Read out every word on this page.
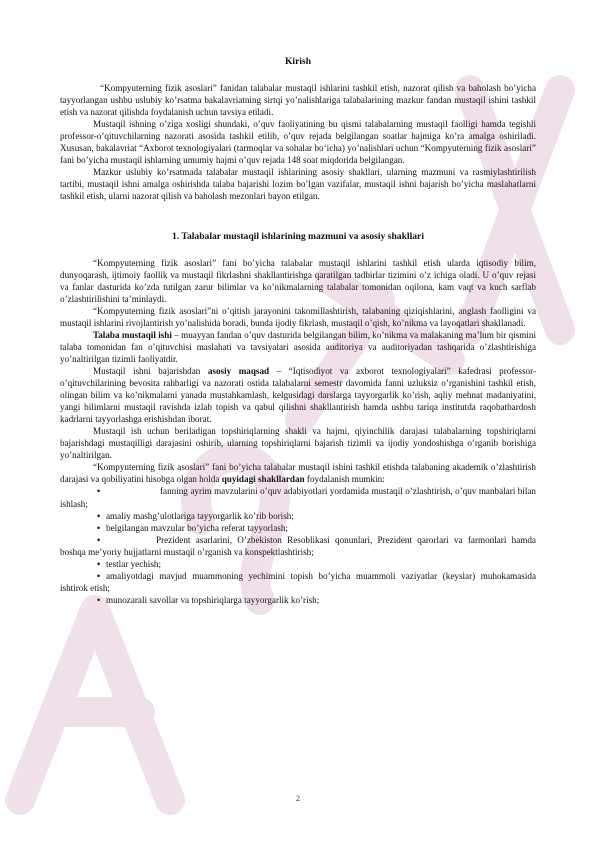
Kirish

“Kompyuterning fizik asoslari” fanidan talabalar mustaqil ishlarini tashkil etish, nazorat qilish va baholash bo’yicha tayyorlangan ushbu uslubiy ko’rsatma bakalavriatning sirtqi yo’nalishlariga talabalarining mazkur fandan mustaqil ishini tashkil etish va nazorat qilishda foydalanish uchun tavsiya etiladi.

Mustaqil ishning o’ziga xosligi shundaki, o’quv faoliyatining bu qismi talabalarning mustaqil faolligi hamda tegishli professor-o’qituvchilarning nazorati asosida tashkil etilib, o’quv rejada belgilangan soatlar hajmiga ko’ra amalga oshiriladi. Xususan, bakalavriat “Axborot texnologiyalari (tarmoqlar va sohalar bo‘icha) yo’nalishlari uchun “Kompyuterning fizik asoslari” fani bo’yicha mustaqil ishlarning umumiy hajmi o’quv rejada 148 soat miqdorida belgilangan.

Mazkur uslubiy ko’rsatmada talabalar mustaqil ishlarining asosiy shakllari, ularning mazmuni va rasmiylashtirilish tartibi, mustaqil ishni amalga oshirishda talaba bajarishi lozim bo’lgan vazifalar, mustaqil ishni bajarish bo’yicha maslahatlarni tashkil etish, ularni nazorat qilish va baholash mezonlari bayon etilgan.

1. Talabalar mustaqil ishlarining mazmuni va asosiy shakllari

“Kompyuterning fizik asoslari” fani bo’yicha talabalar mustaqil ishlarini tashkil etish ularda iqtisodiy bilim, dunyoqarash, ijtimoiy faollik va mustaqil fikrlashni shakllantirishga qaratilgan tadbirlar tizimini o’z ichiga oladi. U o’quv rejasi va fanlar dasturida ko’zda tutilgan zarur bilimlar va ko’nikmalarning talabalar tomonidan oqilona, kam vaqt va kuch sarflab o’zlashtirilishini ta’minlaydi.

“Kompyuterning fizik asoslari”ni o’qitish jarayonini takomillashtirish, talabaning qiziqishlarini, anglash faolligini va mustaqil ishlarini rivojlantirish yo’nalishida boradi, bunda ijodiy fikrlash, mustaqil o’qish, ko’nikma va layoqatlari shakllanadi.

Talaba mustaqil ishi – muayyan fandan o’quv dasturida belgilangan bilim, ko’nikma va malakaning ma’lum bir qismini talaba tomonidan fan o’qituvchisi maslahati va tavsiyalari asosida auditoriya va auditoriyadan tashqarida o’zlashtirishiga yo’naltirilgan tizimli faoliyatdir.

Mustaqil ishni bajarishdan asosiy maqsad – “Iqtisodiyot va axborot texnologiyalari” kafedrasi professor-o’qituvchilarining bevosita rahbarligi va nazorati ostida talabalarni semestr davomida fanni uzluksiz o’rganishini tashkil etish, olingan bilim va ko’nikmalarni yanada mustahkamlash, kelgusidagi darslarga tayyorgarlik ko’rish, aqliy mehnat madaniyatini, yangi bilimlarni mustaqil ravishda izlab topish va qabul qilishni shakllantirish hamda ushbu tariqa institutda raqobatbardosh kadrlarni tayyorlashga erishishdan iborat.

Mustaqil ish uchun beriladigan topshiriqlarning shakli va hajmi, qiyinchilik darajasi talabalarning topshiriqlarni bajarishdagi mustaqilligi darajasini oshirib, ularning topshiriqlarni bajarish tizimli va ijodiy yondoshishga o’rganib borishiga yo’naltirilgan.

“Kompyuterning fizik asoslari” fani bo’yicha talabalar mustaqil ishini tashkil etishda talabaning akademik o’zlashtirish darajasi va qobiliyatini hisobga olgan holda quyidagi shakllardan foydalanish mumkin:

•	fanning ayrim mavzularini o’quv adabiyotlari yordamida mustaqil o’zlashtirish, o’quv manbalari bilan ishlash;

• amaliy mashg’ulotlariga tayyorgarlik ko’rib borish;

• belgilangan mavzular bo’yicha referat tayyorlash;

•	Prezident asarlarini, O’zbekiston Resoblikasi qonunlari, Prezident qarorlari va farmonlari hamda boshqa me’yoriy hujjatlarni mustaqil o’rganish va konspektlashtirish;

• testlar yechish;

• amaliyotdagi mavjud muammoning yechimini topish bo’yicha muammoli vaziyatlar (keyslar) muhokamasida ishtirok etish;

• munozarali savollar va topshiriqlarga tayyorgarlik ko’rish;

2
